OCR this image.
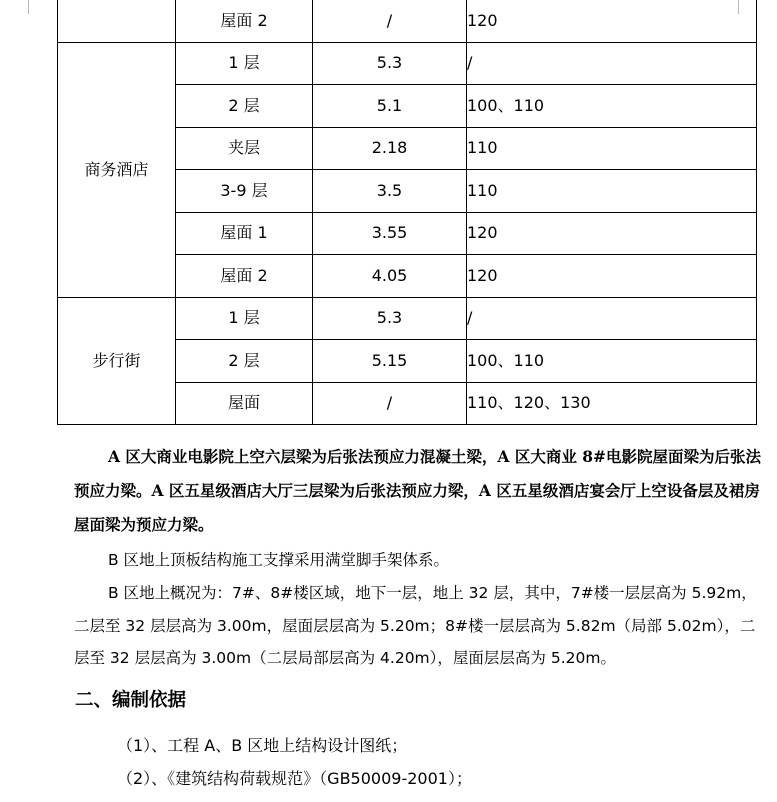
	屋面 2	/	120
商务酒店	1 层	5.3	/
	2 层	5.1	100、110
	夹层	2.18	110
	3-9 层	3.5	110
	屋面 1	3.55	120
	屋面 2	4.05	120
步行街	1 层	5.3	/
	2 层	5.15	100、110
	屋面	/	110、120、130
A 区大商业电影院上空六层梁为后张法预应力混凝土梁，A 区大商业 8#电影院屋面梁为后张法预应力梁。A 区五星级酒店大厅三层梁为后张法预应力梁，A 区五星级酒店宴会厅上空设备层及裙房屋面梁为预应力梁。
B 区地上顶板结构施工支撑采用满堂脚手架体系。
B 区地上概况为：7#、8#楼区域，地下一层，地上 32 层，其中，7#楼一层层高为 5.92m，二层至 32 层层高为 3.00m，屋面层层高为 5.20m；8#楼一层层高为 5.82m（局部 5.02m），二层至 32 层层高为 3.00m（二层局部层高为 4.20m），屋面层层高为 5.20m。
二、编制依据
（1）、工程 A、B 区地上结构设计图纸；
（2）、《建筑结构荷载规范》（GB50009-2001）；
